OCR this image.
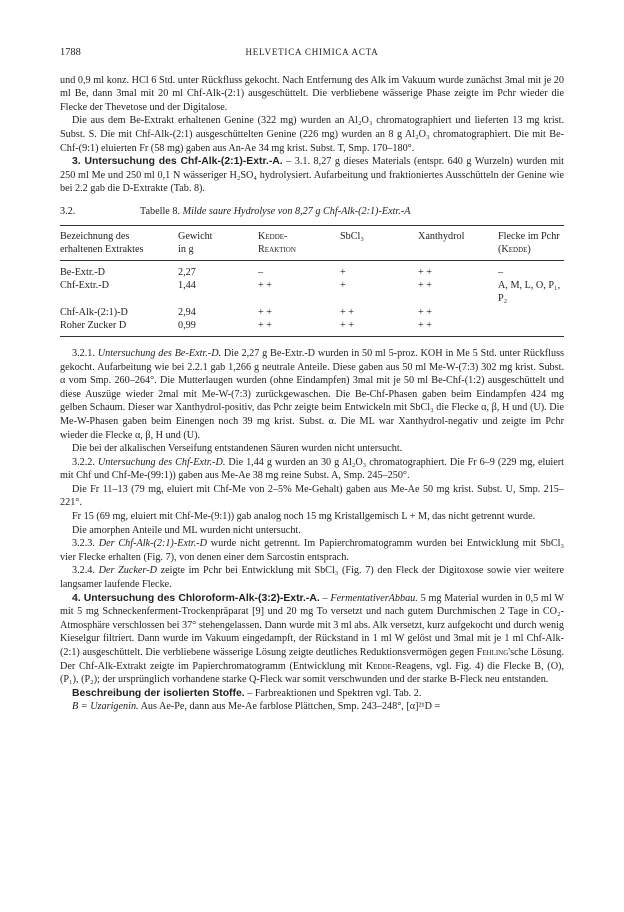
1788	HELVETICA CHIMICA ACTA

und 0,9 ml konz. HCl 6 Std. unter Rückfluss gekocht. Nach Entfernung des Alk im Vakuum wurde zunächst 3mal mit je 20 ml Be, dann 3mal mit 20 ml Chf-Alk-(2:1) ausgeschüttelt. Die verbliebene wässerige Phase zeigte im Pchr wieder die Flecke der Thevetose und der Digitalose.

Die aus dem Be-Extrakt erhaltenen Genine (322 mg) wurden an Al₂O₃ chromatographiert und lieferten 13 mg krist. Subst. S. Die mit Chf-Alk-(2:1) ausgeschüttelten Genine (226 mg) wurden an 8 g Al₂O₃ chromatographiert. Die mit Be-Chf-(9:1) eluierten Fr (58 mg) gaben aus An-Ae 34 mg krist. Subst. T, Smp. 170–180°.

3. Untersuchung des Chf-Alk-(2:1)-Extr.-A. – 3.1. 8,27 g dieses Materials (entspr. 640 g Wurzeln) wurden mit 250 ml Me und 250 ml 0,1 N wässeriger H₂SO₄ hydrolysiert. Aufarbeitung und fraktioniertes Ausschütteln der Genine wie bei 2.2 gab die D-Extrakte (Tab. 8).

3.2.	Tabelle 8. Milde saure Hydrolyse von 8,27 g Chf-Alk-(2:1)-Extr.-A
Bezeichnung des
erhaltenen Extraktes	Gewicht
in g	Kedde-
Reaktion	SbCl₃	Xanthydrol	Flecke im Pchr
(Kedde)
Be-Extr.-D	2,27	–	+	+ +	–
Chf-Extr.-D	1,44	+ +	+	+ +	A, M, L, O, P₁, P₂
Chf-Alk-(2:1)-D	2,94	+ +	+ +	+ +	
Roher Zucker D	0,99	+ +	+ +	+ +	

3.2.1. Untersuchung des Be-Extr.-D. Die 2,27 g Be-Extr.-D wurden in 50 ml 5-proz. KOH in Me 5 Std. unter Rückfluss gekocht. Aufarbeitung wie bei 2.2.1 gab 1,266 g neutrale Anteile. Diese gaben aus 50 ml Me-W-(7:3) 302 mg krist. Subst. α vom Smp. 260–264°. Die Mutterlaugen wurden (ohne Eindampfen) 3mal mit je 50 ml Be-Chf-(1:2) ausgeschüttelt und diese Auszüge wieder 2mal mit Me-W-(7:3) zurückgewaschen. Die Be-Chf-Phasen gaben beim Eindampfen 424 mg gelben Schaum. Dieser war Xanthydrol-positiv, das Pchr zeigte beim Entwickeln mit SbCl₃ die Flecke α, β, H und (U). Die Me-W-Phasen gaben beim Einengen noch 39 mg krist. Subst. α. Die ML war Xanthydrol-negativ und zeigte im Pchr wieder die Flecke α, β, H und (U).

Die bei der alkalischen Verseifung entstandenen Säuren wurden nicht untersucht.

3.2.2. Untersuchung des Chf-Extr.-D. Die 1,44 g wurden an 30 g Al₂O₃ chromatographiert. Die Fr 6–9 (229 mg, eluiert mit Chf und Chf-Me-(99:1)) gaben aus Me-Ae 38 mg reine Subst. A, Smp. 245–250°.

Die Fr 11–13 (79 mg, eluiert mit Chf-Me von 2–5% Me-Gehalt) gaben aus Me-Ae 50 mg krist. Subst. U, Smp. 215–221°.

Fr 15 (69 mg, eluiert mit Chf-Me-(9:1)) gab analog noch 15 mg Kristallgemisch L + M, das nicht getrennt wurde.

Die amorphen Anteile und ML wurden nicht untersucht.

3.2.3. Der Chf-Alk-(2:1)-Extr.-D wurde nicht getrennt. Im Papierchromatogramm wurden bei Entwicklung mit SbCl₃ vier Flecke erhalten (Fig. 7), von denen einer dem Sarcostin entsprach.

3.2.4. Der Zucker-D zeigte im Pchr bei Entwicklung mit SbCl₃ (Fig. 7) den Fleck der Digitoxose sowie vier weitere langsamer laufende Flecke.

4. Untersuchung des Chloroform-Alk-(3:2)-Extr.-A. – FermentativerAbbau. 5 mg Material wurden in 0,5 ml W mit 5 mg Schneckenferment-Trockenpräparat [9] und 20 mg To versetzt und nach gutem Durchmischen 2 Tage in CO₂-Atmosphäre verschlossen bei 37° stehengelassen. Dann wurde mit 3 ml abs. Alk versetzt, kurz aufgekocht und durch wenig Kieselgur filtriert. Dann wurde im Vakuum eingedampft, der Rückstand in 1 ml W gelöst und 3mal mit je 1 ml Chf-Alk-(2:1) ausgeschüttelt. Die verbliebene wässerige Lösung zeigte deutliches Reduktionsvermögen gegen Fehling'sche Lösung. Der Chf-Alk-Extrakt zeigte im Papierchromatogramm (Entwicklung mit Kedde-Reagens, vgl. Fig. 4) die Flecke B, (O), (P₁), (P₂); der ursprünglich vorhandene starke Q-Fleck war somit verschwunden und der starke B-Fleck neu entstanden.

Beschreibung der isolierten Stoffe. – Farbreaktionen und Spektren vgl. Tab. 2.

B = Uzarigenin. Aus Ae-Pe, dann aus Me-Ae farblose Plättchen, Smp. 243–248°, [α]²¹D =
